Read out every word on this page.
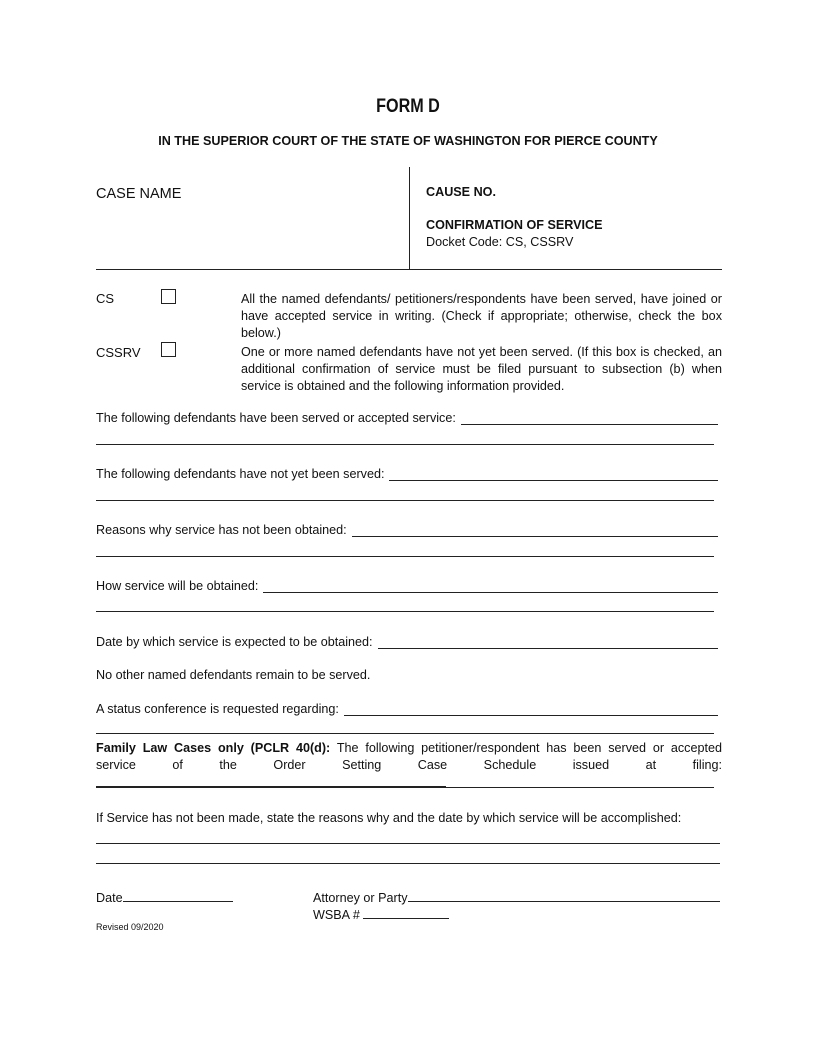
FORM D
IN THE SUPERIOR COURT OF THE STATE OF WASHINGTON FOR PIERCE COUNTY
CASE NAME	CAUSE NO.
CONFIRMATION OF SERVICE
Docket Code: CS, CSSRV
CS	All the named defendants/ petitioners/respondents have been served, have joined or have accepted service in writing. (Check if appropriate; otherwise, check the box below.)
CSSRV	One or more named defendants have not yet been served. (If this box is checked, an additional confirmation of service must be filed pursuant to subsection (b) when service is obtained and the following information provided.
The following defendants have been served or accepted service:
The following defendants have not yet been served:
Reasons why service has not been obtained:
How service will be obtained:
Date by which service is expected to be obtained:
No other named defendants remain to be served.
A status conference is requested regarding:
Family Law Cases only (PCLR 40(d): The following petitioner/respondent has been served or accepted service of the Order Setting Case Schedule issued at filing:
If Service has not been made, state the reasons why and the date by which service will be accomplished:
Date	Attorney or Party
WSBA #
Revised 09/2020
